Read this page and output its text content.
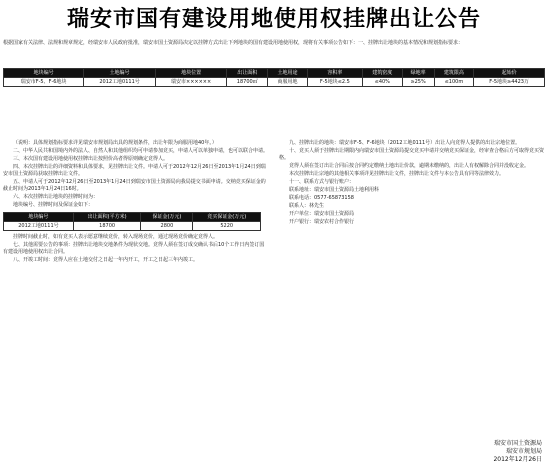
瑞安市国有建设用地使用权挂牌出让公告
根据国家有关法律、法规和规章规定，经瑞安市人民政府批准，瑞安市国土资源局决定以挂牌方式出让下列地块的国有建设用地使用权，现将有关事项公告如下：一、挂牌出让地块的基本情况和规划指标要求：
地块编号	土地编号	地块位置	出让面积	土地用途	容积率	建筑密度	绿地率	建筑限高	起始价
瑞安市F-5、F-6地块	2012工地0111号	瑞安市××××××	18700㎡	商服用地	F-5地块≤2.5	≤40%	≥25%	≤100m	F-5地块≥4423万

（说明：具体规划指标要求详见瑞安市规划局出具的规划条件，出让年限为商服用地40年。）

二、中华人民共和国境内外的法人、自然人和其他组织均可申请参加竞买，申请人可以单独申请，也可以联合申请。

三、本次国有建设用地使用权挂牌出让按照价高者得原则确定竞得人。

四、本次挂牌出让的详细资料和具体要求，见挂牌出让文件。申请人可于2012年12月26日至2013年1月24日到瑞安市国土资源局获取挂牌出让文件。

五、申请人可于2012年12月26日至2013年1月24日到瑞安市国土资源局向我局提交书面申请。交纳竞买保证金的截止时间为2013年1月24日16时。

六、本次挂牌出让地块的挂牌时间为：

地块编号、挂牌时间及保证金如下：

地块编号	出让面积(平方米)	保证金(万元)	竞买保证金(万元)
2012工地0111号	18700	2800	5220

挂牌时间截止时，如有竞买人表示愿意继续竞价，转入现场竞价，通过现场竞价确定竞得人。

七、其他需要公告的事项：挂牌出让地块交地条件为现状交地。竞得人须在签订成交确认书后10个工作日内签订国有建设用地使用权出让合同。

八、开竣工时间：竞得人应在土地交付之日起一年内开工，开工之日起三年内竣工。

九、挂牌出让的地块：瑞安市F-5、F-6地块（2012工地0111号）出让人向竞得人提供的出让宗地位置。

十、竞买人须于挂牌出让期限内向瑞安市国土资源局提交竞买申请并交纳竞买保证金，经审查合格后方可取得竞买资格。

竞得人须在签订出让合同后按合同约定缴纳土地出让价款，逾期未缴纳的，出让人有权解除合同并没收定金。

本次挂牌出让宗地的其他相关事项详见挂牌出让文件，挂牌出让文件与本公告具有同等法律效力。

十一、联系方式与银行账户：

联系地址：瑞安市国土资源局土地利用科

联系电话：0577-65873158

联系人：林先生

开户单位：瑞安市国土资源局

开户银行：瑞安农村合作银行

瑞安市国土资源局
瑞安市规划局
2012年12月26日
